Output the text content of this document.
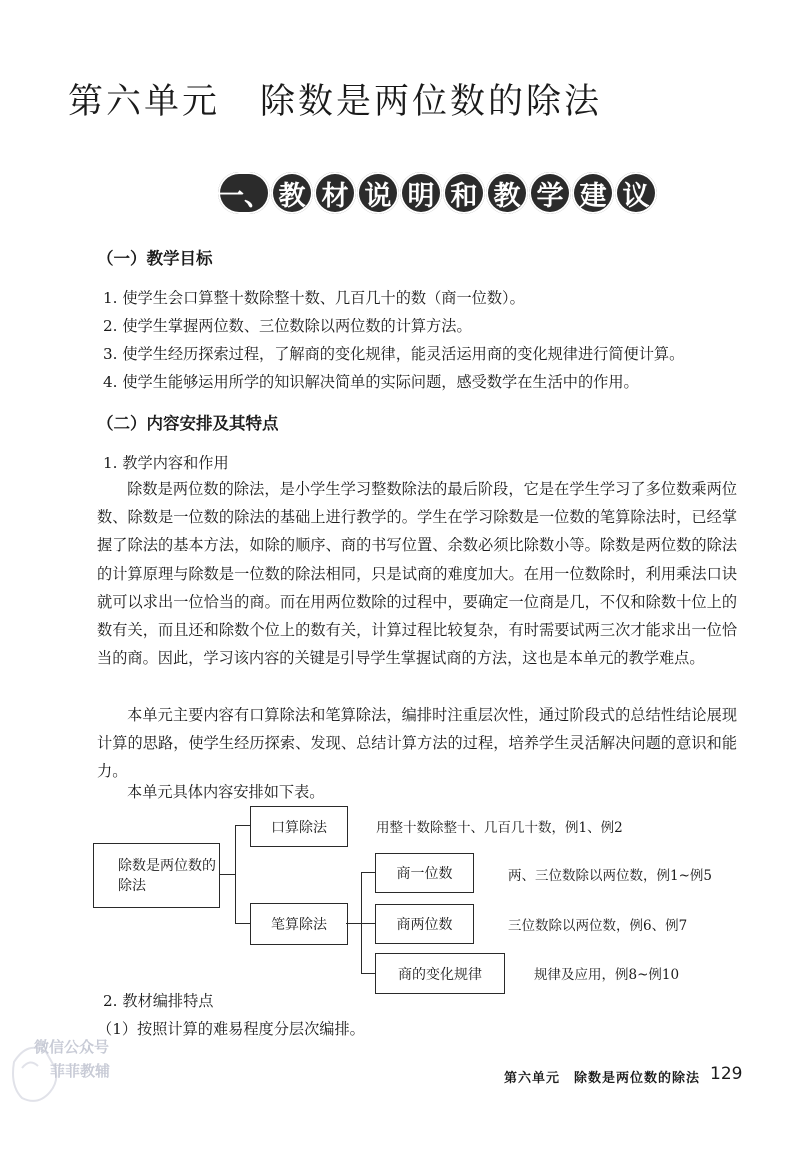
第六单元 除数是两位数的除法
一、 教 材 说 明 和 教 学 建 议
（一）教学目标
1. 使学生会口算整十数除整十数、几百几十的数（商一位数）。
2. 使学生掌握两位数、三位数除以两位数的计算方法。
3. 使学生经历探索过程，了解商的变化规律，能灵活运用商的变化规律进行简便计算。
4. 使学生能够运用所学的知识解决简单的实际问题，感受数学在生活中的作用。
（二）内容安排及其特点
1. 教学内容和作用
除数是两位数的除法，是小学生学习整数除法的最后阶段，它是在学生学习了多位数乘两位数、除数是一位数的除法的基础上进行教学的。学生在学习除数是一位数的笔算除法时，已经掌握了除法的基本方法，如除的顺序、商的书写位置、余数必须比除数小等。除数是两位数的除法的计算原理与除数是一位数的除法相同，只是试商的难度加大。在用一位数除时，利用乘法口诀就可以求出一位恰当的商。而在用两位数除的过程中，要确定一位商是几，不仅和除数十位上的数有关，而且还和除数个位上的数有关，计算过程比较复杂，有时需要试两三次才能求出一位恰当的商。因此，学习该内容的关键是引导学生掌握试商的方法，这也是本单元的教学难点。
本单元主要内容有口算除法和笔算除法，编排时注重层次性，通过阶段式的总结性结论展现计算的思路，使学生经历探索、发现、总结计算方法的过程，培养学生灵活解决问题的意识和能力。
本单元具体内容安排如下表。
除数是两位数的除法
口算除法	用整十数除整十、几百几十数，例1、例2
笔算除法
商一位数	两、三位数除以两位数，例1~例5
商两位数	三位数除以两位数，例6、例7
商的变化规律	规律及应用，例8~例10
2. 教材编排特点
（1）按照计算的难易程度分层次编排。
微信公众号
菲菲教辅	第六单元 除数是两位数的除法 129
